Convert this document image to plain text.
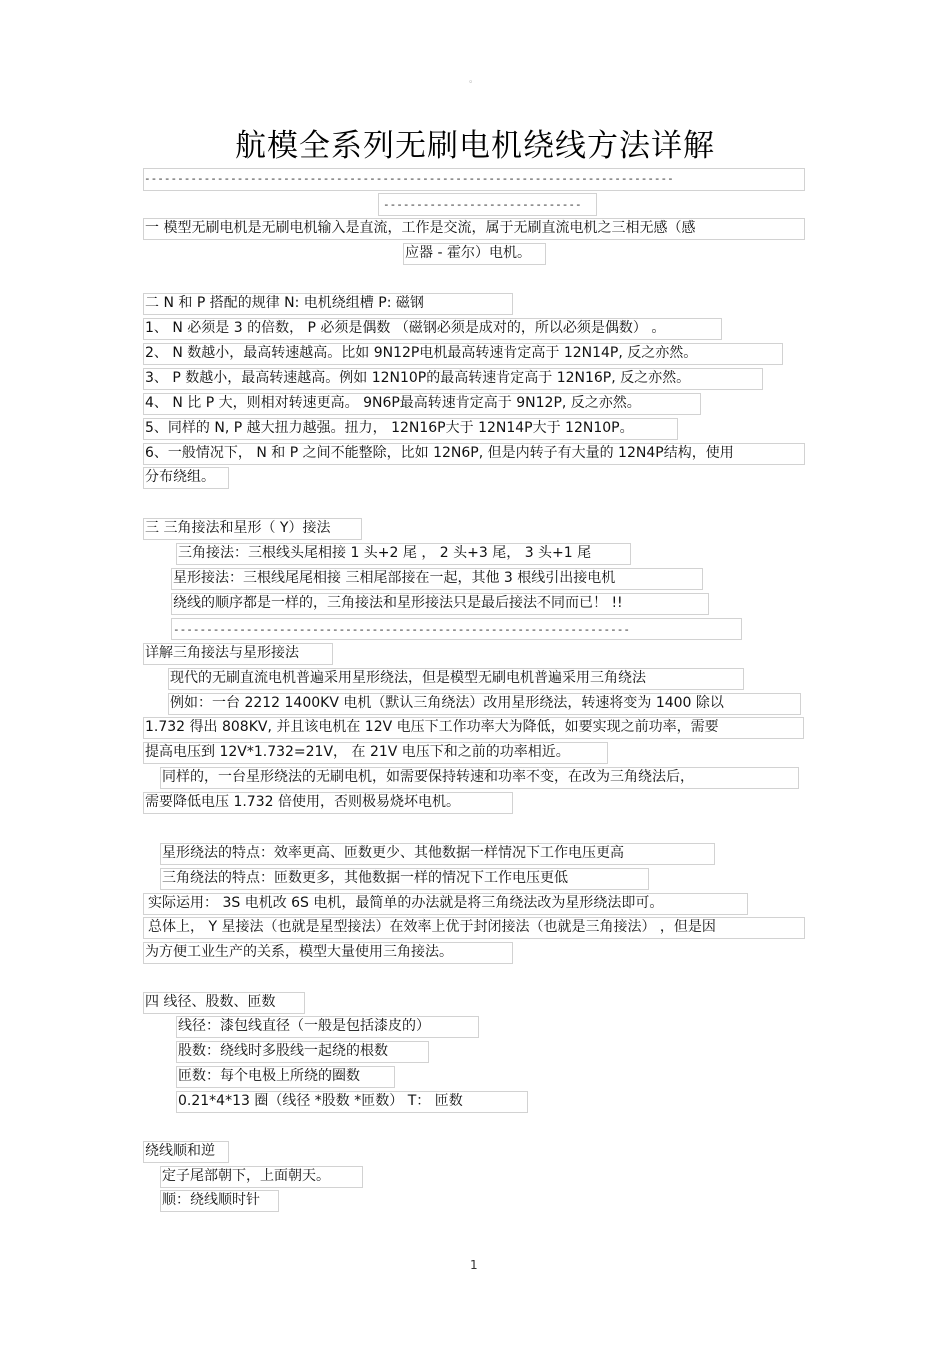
。
航模全系列无刷电机绕线方法详解
--------------------------------------------------------------------------------
------------------------------
一 模型无刷电机是无刷电机输入是直流，工作是交流，属于无刷直流电机之三相无感（感
应器 - 霍尔）电机。
二 N 和 P 搭配的规律 N: 电机绕组槽 P: 磁钢
1、 N 必须是 3 的倍数， P 必须是偶数 （磁钢必须是成对的，所以必须是偶数） 。
2、 N 数越小，最高转速越高。比如 9N12P电机最高转速肯定高于 12N14P, 反之亦然。
3、 P 数越小，最高转速越高。例如 12N10P的最高转速肯定高于 12N16P, 反之亦然。
4、 N 比 P 大，则相对转速更高。 9N6P最高转速肯定高于 9N12P, 反之亦然。
5、同样的 N, P 越大扭力越强。扭力， 12N16P大于 12N14P大于 12N10P。
6、一般情况下， N 和 P 之间不能整除，比如 12N6P, 但是内转子有大量的 12N4P结构，使用
分布绕组。
三 三角接法和星形（ Y）接法
三角接法：三根线头尾相接 1 头+2 尾 ， 2 头+3 尾， 3 头+1 尾
星形接法：三根线尾尾相接 三相尾部接在一起，其他 3 根线引出接电机
绕线的顺序都是一样的，三角接法和星形接法只是最后接法不同而已！ !!
---------------------------------------------------------------------
详解三角接法与星形接法
现代的无刷直流电机普遍采用星形绕法，但是模型无刷电机普遍采用三角绕法
例如：一台 2212 1400KV 电机（默认三角绕法）改用星形绕法，转速将变为 1400 除以
1.732 得出 808KV, 并且该电机在 12V 电压下工作功率大为降低，如要实现之前功率，需要
提高电压到 12V*1.732=21V， 在 21V 电压下和之前的功率相近。
同样的，一台星形绕法的无刷电机，如需要保持转速和功率不变，在改为三角绕法后，
需要降低电压 1.732 倍使用，否则极易烧坏电机。
星形绕法的特点：效率更高、匝数更少、其他数据一样情况下工作电压更高
三角绕法的特点：匝数更多，其他数据一样的情况下工作电压更低
实际运用： 3S 电机改 6S 电机，最简单的办法就是将三角绕法改为星形绕法即可。
总体上， Y 星接法（也就是星型接法）在效率上优于封闭接法（也就是三角接法） ，但是因
为方便工业生产的关系，模型大量使用三角接法。
四 线径、股数、匝数
线径：漆包线直径（一般是包括漆皮的）
股数：绕线时多股线一起绕的根数
匝数：每个电极上所绕的圈数
0.21*4*13 圈（线径 *股数 *匝数） T： 匝数
绕线顺和逆
定子尾部朝下，上面朝天。
顺：绕线顺时针
1
